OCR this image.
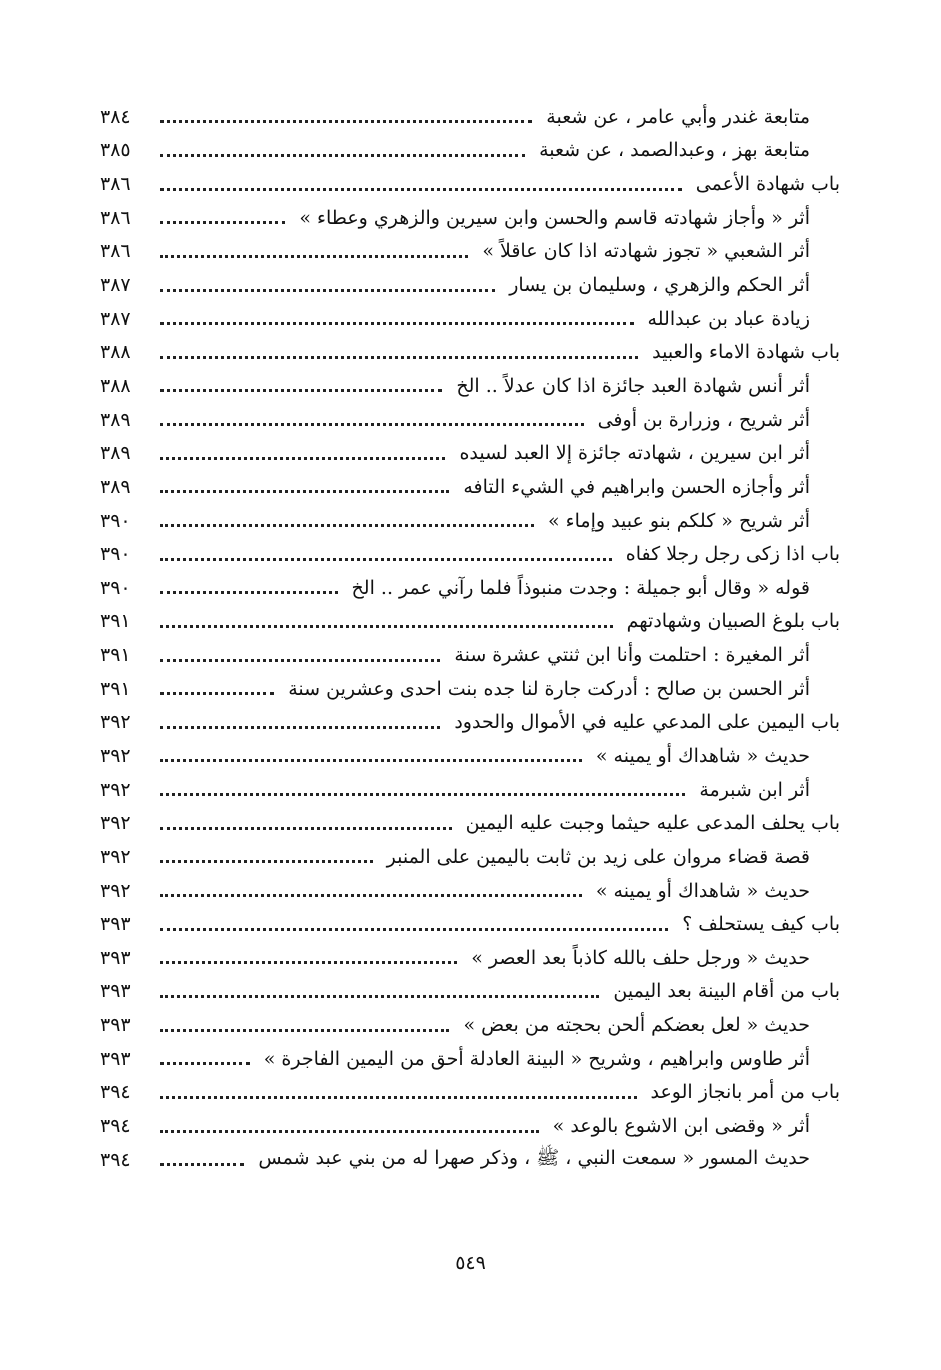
متابعة غندر وأبي عامر ، عن شعبة
٣٨٤
متابعة بهز ، وعبدالصمد ، عن شعبة
٣٨٥
باب شهادة الأعمى
٣٨٦
أثر « وأجاز شهادته قاسم والحسن وابن سيرين والزهري وعطاء »
٣٨٦
أثر الشعبي « تجوز شهادته اذا كان عاقلاً »
٣٨٦
أثر الحكم والزهري ، وسليمان بن يسار
٣٨٧
زيادة عباد بن عبدالله
٣٨٧
باب شهادة الاماء والعبيد
٣٨٨
أثر أنس شهادة العبد جائزة اذا كان عدلاً .. الخ
٣٨٨
أثر شريح ، وزرارة بن أوفى
٣٨٩
أثر ابن سيرين ، شهادته جائزة إلا العبد لسيده
٣٨٩
أثر وأجازه الحسن وابراهيم في الشيء التافه
٣٨٩
أثر شريح « كلكم بنو عبيد وإماء »
٣٩٠
باب اذا زكى رجل رجلا كفاه
٣٩٠
قوله « وقال أبو جميلة : وجدت منبوذاً فلما رآني عمر .. الخ
٣٩٠
باب بلوغ الصبيان وشهادتهم
٣٩١
أثر المغيرة : احتلمت وأنا ابن ثنتي عشرة سنة
٣٩١
أثر الحسن بن صالح : أدركت جارة لنا جده بنت احدى وعشرين سنة
٣٩١
باب اليمين على المدعي عليه في الأموال والحدود
٣٩٢
حديث « شاهداك أو يمينه »
٣٩٢
أثر ابن شبرمة
٣٩٢
باب يحلف المدعى عليه حيثما وجبت عليه اليمين
٣٩٢
قصة قضاء مروان على زيد بن ثابت باليمين على المنبر
٣٩٢
حديث « شاهداك أو يمينه »
٣٩٢
باب كيف يستحلف ؟
٣٩٣
حديث « ورجل حلف بالله كاذباً بعد العصر »
٣٩٣
باب من أقام البينة بعد اليمين
٣٩٣
حديث « لعل بعضكم ألحن بحجته من بعض »
٣٩٣
أثر طاوس وابراهيم ، وشريح « البينة العادلة أحق من اليمين الفاجرة »
٣٩٣
باب من أمر بانجاز الوعد
٣٩٤
أثر « وقضى ابن الاشوع بالوعد »
٣٩٤
حديث المسور « سمعت النبي ، ﷺ ، وذكر صهرا له من بني عبد شمس
٣٩٤
٥٤٩
